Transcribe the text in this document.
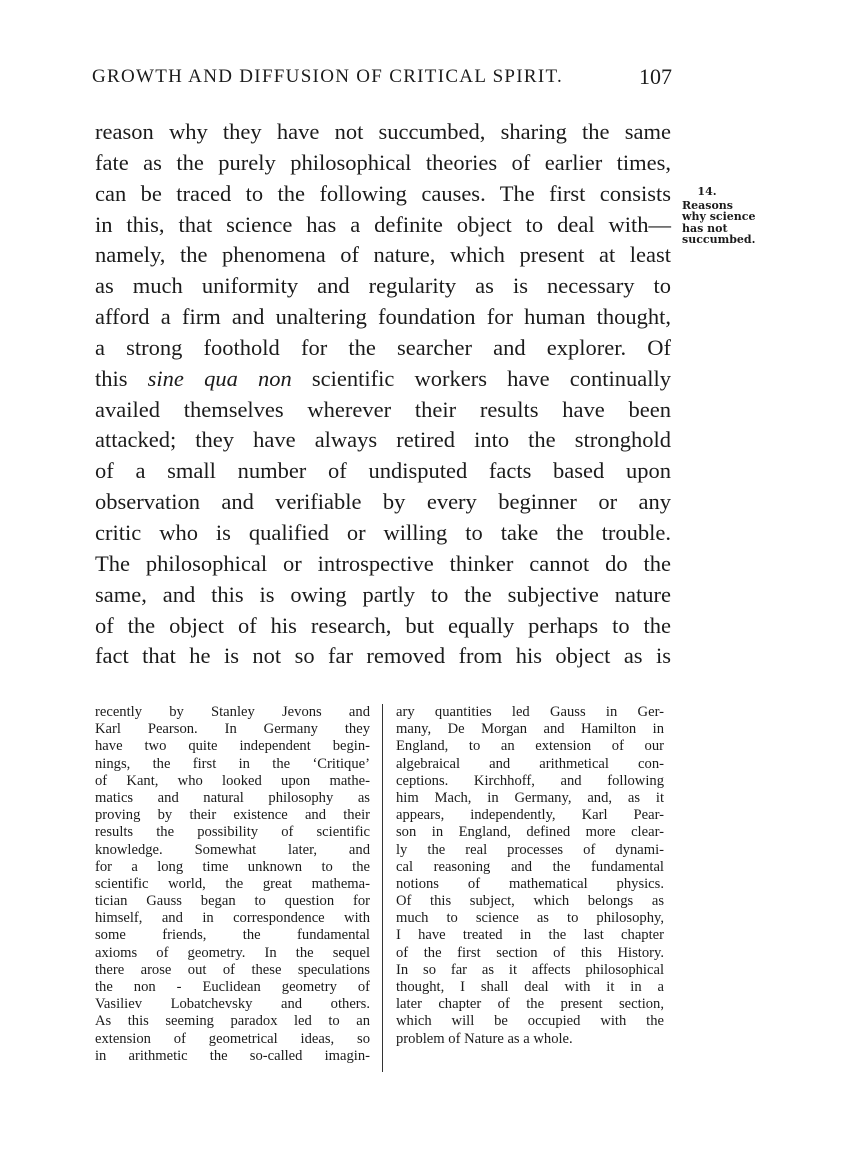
GROWTH AND DIFFUSION OF CRITICAL SPIRIT.	107
reason why they have not succumbed, sharing the same
fate as the purely philosophical theories of earlier times,
can be traced to the following causes. The first consists
in this, that science has a definite object to deal with—
namely, the phenomena of nature, which present at least
as much uniformity and regularity as is necessary to
afford a firm and unaltering foundation for human thought,
a strong foothold for the searcher and explorer. Of
this sine qua non scientific workers have continually
availed themselves wherever their results have been
attacked; they have always retired into the stronghold
of a small number of undisputed facts based upon
observation and verifiable by every beginner or any
critic who is qualified or willing to take the trouble.
The philosophical or introspective thinker cannot do the
same, and this is owing partly to the subjective nature
of the object of his research, but equally perhaps to the
fact that he is not so far removed from his object as is
14.
Reasons
why science
has not
succumbed.
recently by Stanley Jevons and
Karl Pearson. In Germany they
have two quite independent begin-
nings, the first in the ‘Critique’
of Kant, who looked upon mathe-
matics and natural philosophy as
proving by their existence and their
results the possibility of scientific
knowledge. Somewhat later, and
for a long time unknown to the
scientific world, the great mathema-
tician Gauss began to question for
himself, and in correspondence with
some friends, the fundamental
axioms of geometry. In the sequel
there arose out of these speculations
the non - Euclidean geometry of
Vasiliev Lobatchevsky and others.
As this seeming paradox led to an
extension of geometrical ideas, so
in arithmetic the so-called imagin-
ary quantities led Gauss in Ger-
many, De Morgan and Hamilton in
England, to an extension of our
algebraical and arithmetical con-
ceptions. Kirchhoff, and following
him Mach, in Germany, and, as it
appears, independently, Karl Pear-
son in England, defined more clear-
ly the real processes of dynami-
cal reasoning and the fundamental
notions of mathematical physics.
Of this subject, which belongs as
much to science as to philosophy,
I have treated in the last chapter
of the first section of this History.
In so far as it affects philosophical
thought, I shall deal with it in a
later chapter of the present section,
which will be occupied with the
problem of Nature as a whole.
